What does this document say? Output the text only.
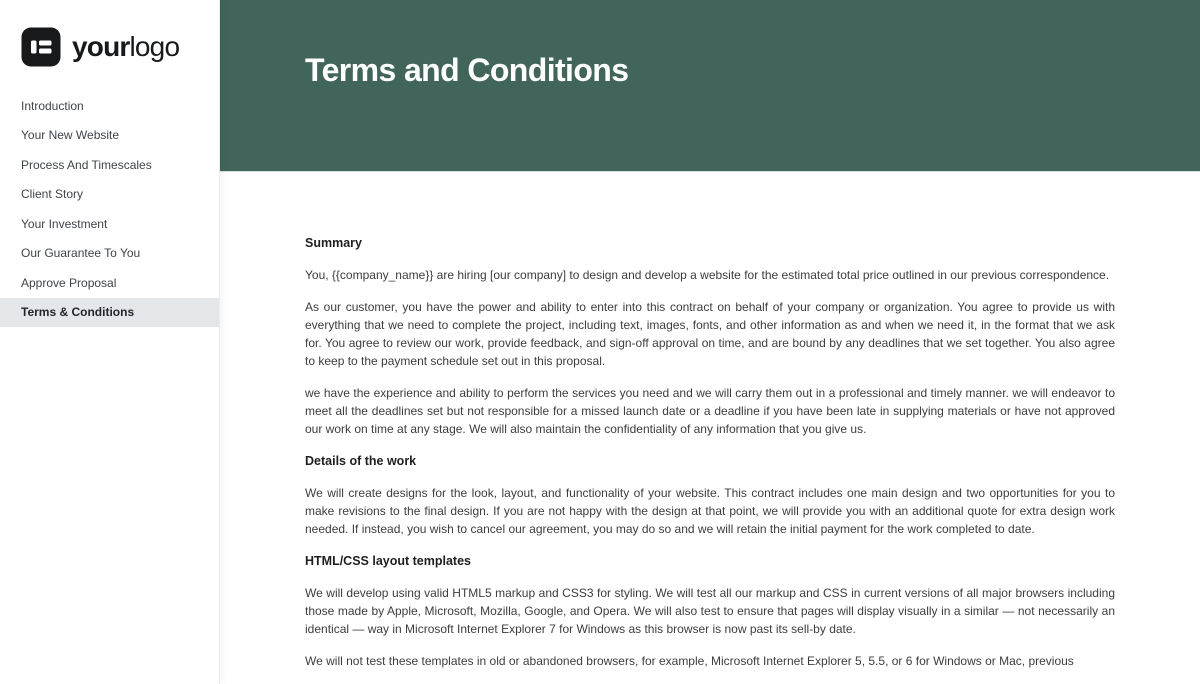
yourlogo
Introduction
Your New Website
Process And Timescales
Client Story
Your Investment
Our Guarantee To You
Approve Proposal
Terms & Conditions
Terms and Conditions
Summary

You, {{company_name}} are hiring [our company] to design and develop a website for the estimated total price outlined in our previous correspondence.

As our customer, you have the power and ability to enter into this contract on behalf of your company or organization. You agree to provide us with everything that we need to complete the project, including text, images, fonts, and other information as and when we need it, in the format that we ask for. You agree to review our work, provide feedback, and sign-off approval on time, and are bound by any deadlines that we set together. You also agree to keep to the payment schedule set out in this proposal.

we have the experience and ability to perform the services you need and we will carry them out in a professional and timely manner. we will endeavor to meet all the deadlines set but not responsible for a missed launch date or a deadline if you have been late in supplying materials or have not approved our work on time at any stage. We will also maintain the confidentiality of any information that you give us.

Details of the work

We will create designs for the look, layout, and functionality of your website. This contract includes one main design and two opportunities for you to make revisions to the final design. If you are not happy with the design at that point, we will provide you with an additional quote for extra design work needed. If instead, you wish to cancel our agreement, you may do so and we will retain the initial payment for the work completed to date.

HTML/CSS layout templates

We will develop using valid HTML5 markup and CSS3 for styling. We will test all our markup and CSS in current versions of all major browsers including those made by Apple, Microsoft, Mozilla, Google, and Opera. We will also test to ensure that pages will display visually in a similar — not necessarily an identical — way in Microsoft Internet Explorer 7 for Windows as this browser is now past its sell-by date.

We will not test these templates in old or abandoned browsers, for example, Microsoft Internet Explorer 5, 5.5, or 6 for Windows or Mac, previous
